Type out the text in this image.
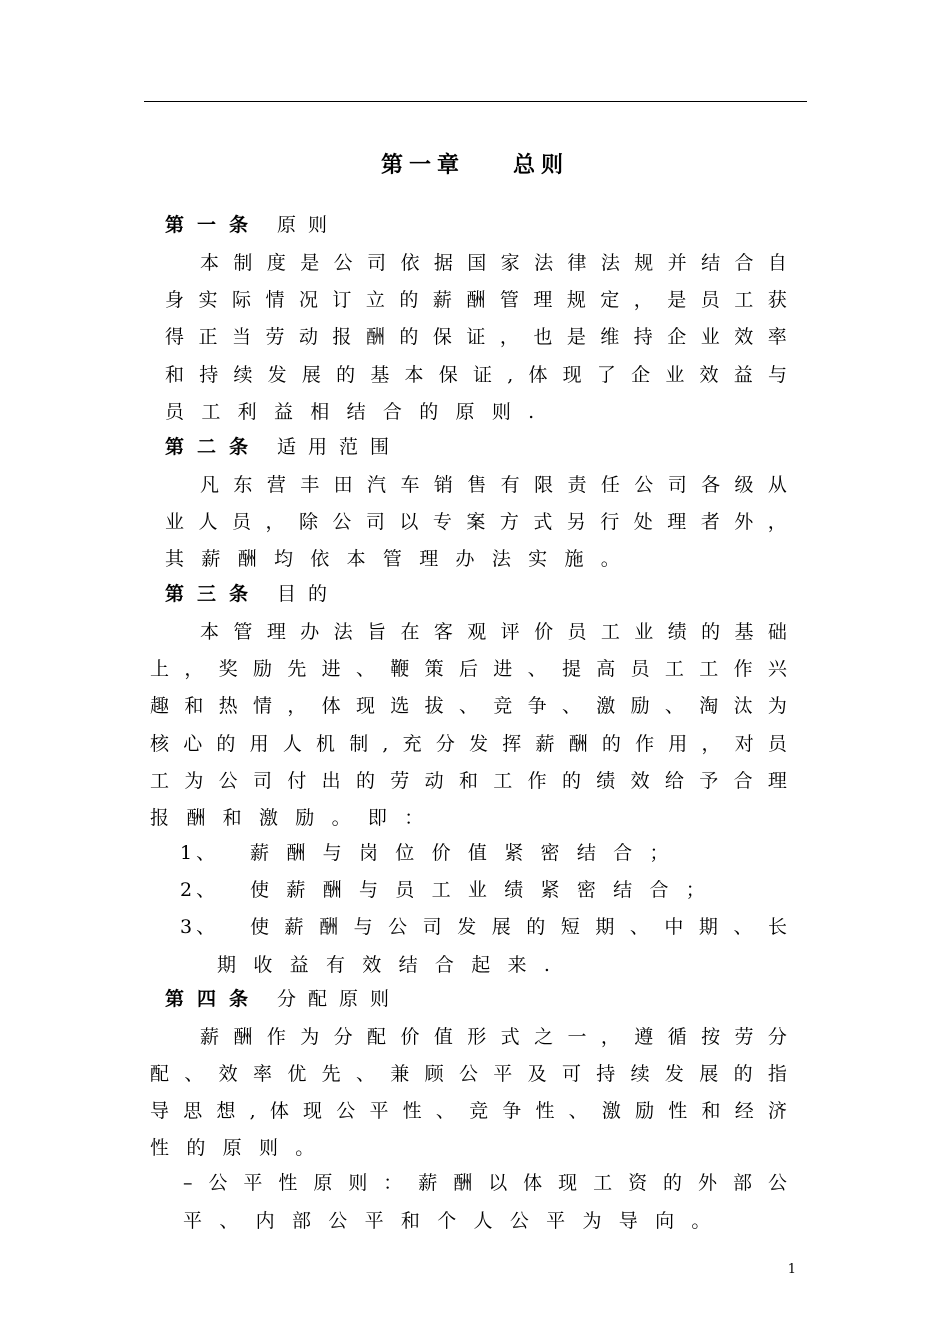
第一章 总则
第一条 原则
本 制 度 是 公 司 依 据 国 家 法 律 法 规 并 结 合 自
身 实 际 情 况 订 立 的 薪 酬 管 理 规 定 ， 是 员 工 获
得 正 当 劳 动 报 酬 的 保 证 ， 也 是 维 持 企 业 效 率
和 持 续 发 展 的 基 本 保 证 , 体 现 了 企 业 效 益 与
员 工 利 益 相 结 合 的 原 则 .
第二条 适用范围
凡 东 营 丰 田 汽 车 销 售 有 限 责 任 公 司 各 级 从
业 人 员 ， 除 公 司 以 专 案 方 式 另 行 处 理 者 外 ，
其 薪 酬 均 依 本 管 理 办 法 实 施 。
第三条 目的
本 管 理 办 法 旨 在 客 观 评 价 员 工 业 绩 的 基 础
上 ， 奖 励 先 进 、 鞭 策 后 进 、 提 高 员 工 工 作 兴
趣 和 热 情 ， 体 现 选 拔 、 竞 争 、 激 励 、 淘 汰 为
核 心 的 用 人 机 制 , 充 分 发 挥 薪 酬 的 作 用 ， 对 员
工 为 公 司 付 出 的 劳 动 和 工 作 的 绩 效 给 予 合 理
报 酬 和 激 励 。 即 ：
1、	薪 酬 与 岗 位 价 值 紧 密 结 合 ；
2、	使 薪 酬 与 员 工 业 绩 紧 密 结 合 ；
3、	使 薪 酬 与 公 司 发 展 的 短 期 、 中 期 、 长
期 收 益 有 效 结 合 起 来 .
第四条 分配原则
薪 酬 作 为 分 配 价 值 形 式 之 一 ， 遵 循 按 劳 分
配 、 效 率 优 先 、 兼 顾 公 平 及 可 持 续 发 展 的 指
导 思 想 , 体 现 公 平 性 、 竞 争 性 、 激 励 性 和 经 济
性 的 原 则 。
– 公 平 性 原 则 ： 薪 酬 以 体 现 工 资 的 外 部 公
平 、 内 部 公 平 和 个 人 公 平 为 导 向 。
1
